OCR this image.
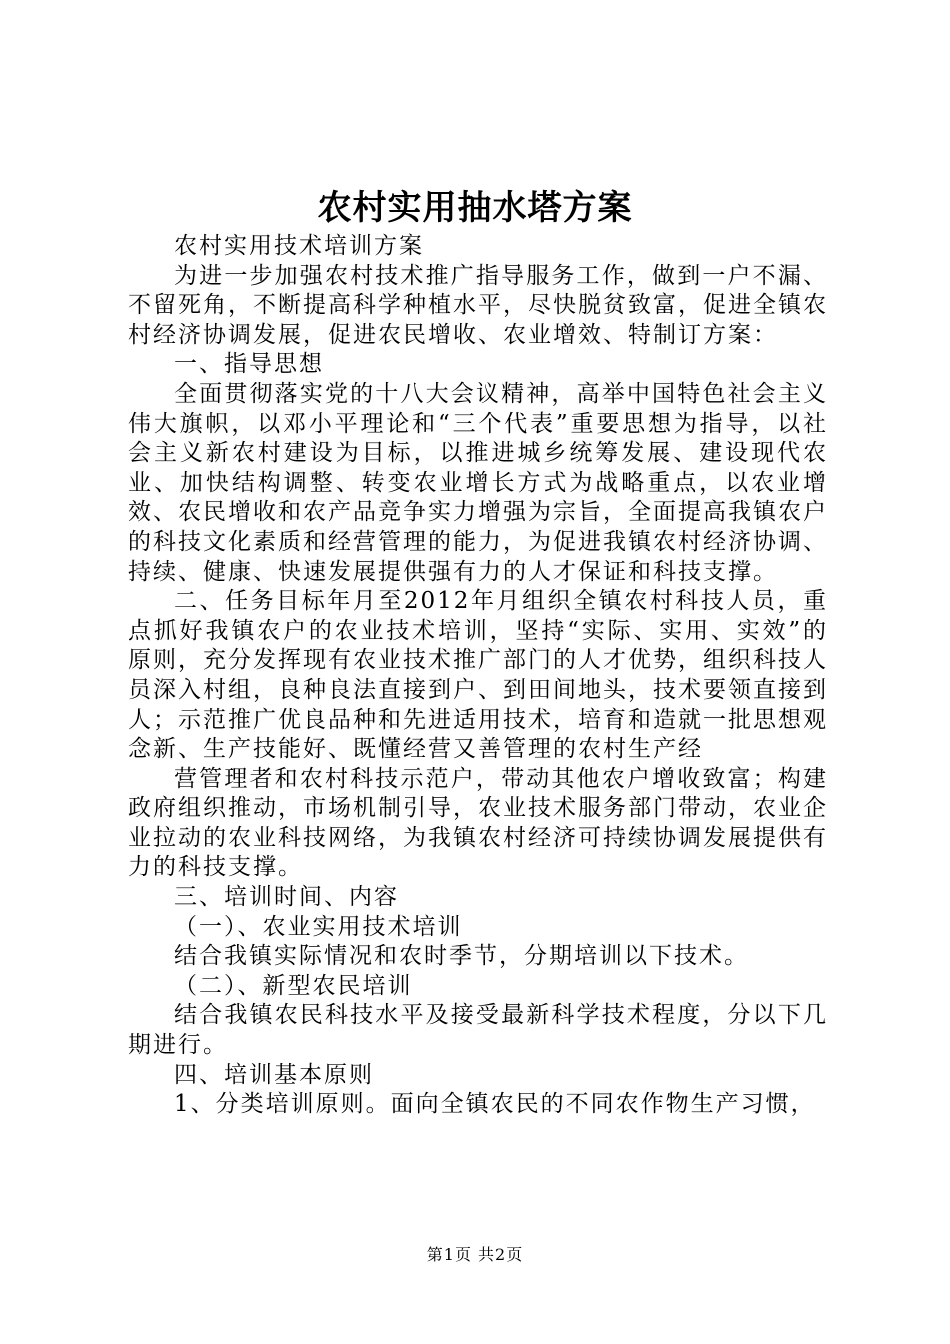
农村实用抽水塔方案

农村实用技术培训方案

为进一步加强农村技术推广指导服务工作，做到一户不漏、不留死角，不断提高科学种植水平，尽快脱贫致富，促进全镇农村经济协调发展，促进农民增收、农业增效、特制订方案：

一、指导思想

全面贯彻落实党的十八大会议精神，高举中国特色社会主义伟大旗帜，以邓小平理论和“三个代表”重要思想为指导，以社会主义新农村建设为目标，以推进城乡统筹发展、建设现代农业、加快结构调整、转变农业增长方式为战略重点，以农业增效、农民增收和农产品竞争实力增强为宗旨，全面提高我镇农户的科技文化素质和经营管理的能力，为促进我镇农村经济协调、持续、健康、快速发展提供强有力的人才保证和科技支撑。

二、任务目标年月至2012年月组织全镇农村科技人员，重点抓好我镇农户的农业技术培训，坚持“实际、实用、实效”的原则，充分发挥现有农业技术推广部门的人才优势，组织科技人员深入村组，良种良法直接到户、到田间地头，技术要领直接到人；示范推广优良品种和先进适用技术，培育和造就一批思想观念新、生产技能好、既懂经营又善管理的农村生产经

营管理者和农村科技示范户，带动其他农户增收致富；构建政府组织推动，市场机制引导，农业技术服务部门带动，农业企业拉动的农业科技网络，为我镇农村经济可持续协调发展提供有力的科技支撑。

三、培训时间、内容

（一）、农业实用技术培训

结合我镇实际情况和农时季节，分期培训以下技术。

（二）、新型农民培训

结合我镇农民科技水平及接受最新科学技术程度，分以下几期进行。

四、培训基本原则

1、分类培训原则。面向全镇农民的不同农作物生产习惯，

第1页 共2页
